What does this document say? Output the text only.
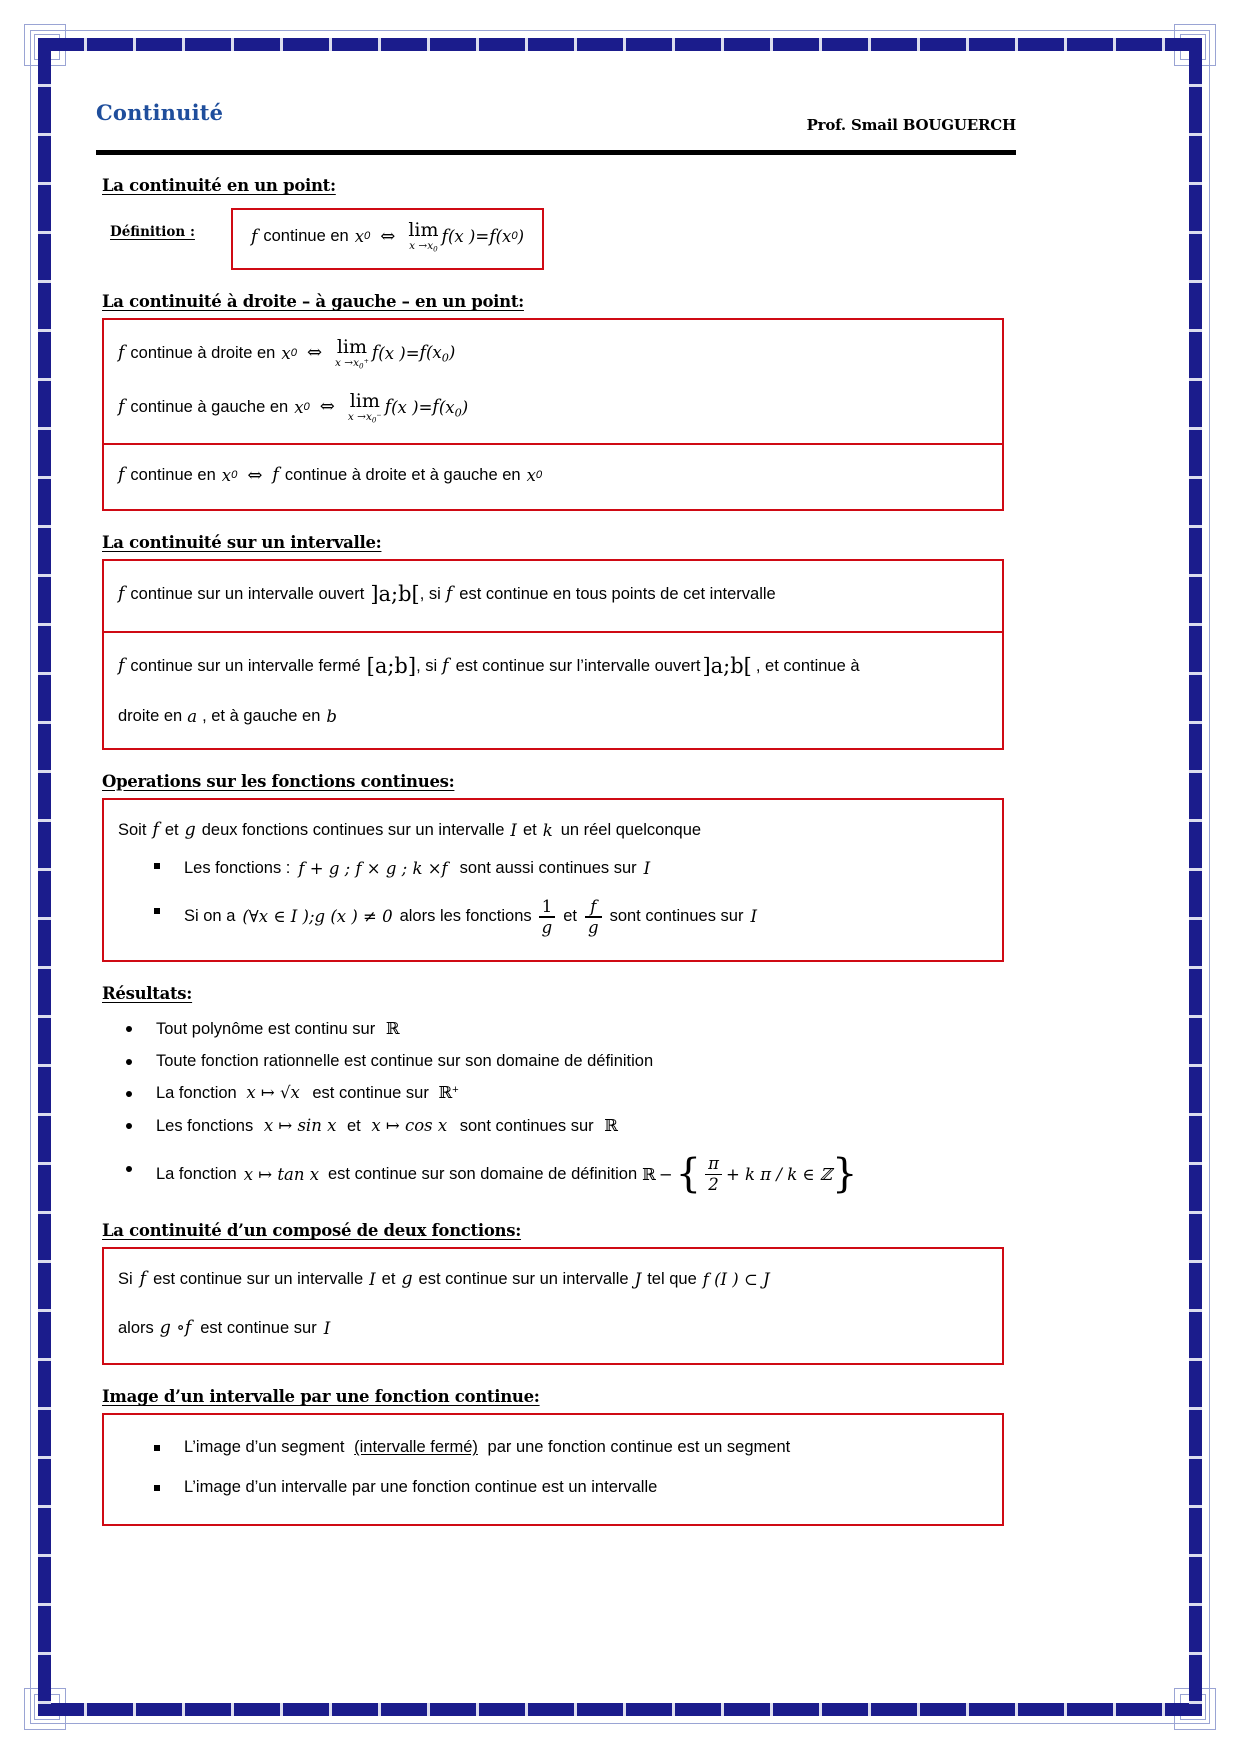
Continuité	Prof. Smail BOUGUERCH
La continuité en un point:
Définition :	f continue en x 0 ⇔ lim
$x \to x_0$
f (x ) = f (x 0 )
La continuité à droite – à gauche – en un point:
f continue à droite en x 0 ⇔ lim
$x \to x_0^+$ f (x ) = f $(x_0)$
f continue à gauche en x 0 ⇔ lim
$x \to x_0^-$ f (x ) = f $(x_0)$
f continue en x 0 ⇔ f continue à droite et à gauche en x 0
La continuité sur un intervalle:
f continue sur un intervalle ouvert ]a;b[ , si f est continue en tous points de cet intervalle
f continue sur un intervalle fermé [a;b] , si f est continue sur l’intervalle ouvert ]a;b[ , et continue à
droite en a , et à gauche en b
Operations sur les fonctions continues:
Soit f et g deux fonctions continues sur un intervalle I et k un réel quelconque
Les fonctions : f + g ; f × g ; k ×f sont aussi continues sur I
Si on a (∀x ∈ I );g (x ) ≠ 0 alors les fonctions $\frac{1}{g}$ et $\frac{f}{g}$ sont continues sur I
Résultats:
Tout polynôme est continu sur ℝ
Toute fonction rationnelle est continue sur son domaine de définition
La fonction x ↦ √x est continue sur ℝ+
Les fonctions x ↦ sin x et x ↦ cos x sont continues sur ℝ
La fonction x ↦ tan x est continue sur son domaine de définition ℝ − { $\frac{\pi}{2} + k$ π / k ∈ ℤ }
La continuité d’un composé de deux fonctions:
Si f est continue sur un intervalle I et g est continue sur un intervalle J tel que f (I ) ⊂ J
alors g ∘f est continue sur I
Image d’un intervalle par une fonction continue:
L’image d’un segment (intervalle fermé) par une fonction continue est un segment
L’image d’un intervalle par une fonction continue est un intervalle
